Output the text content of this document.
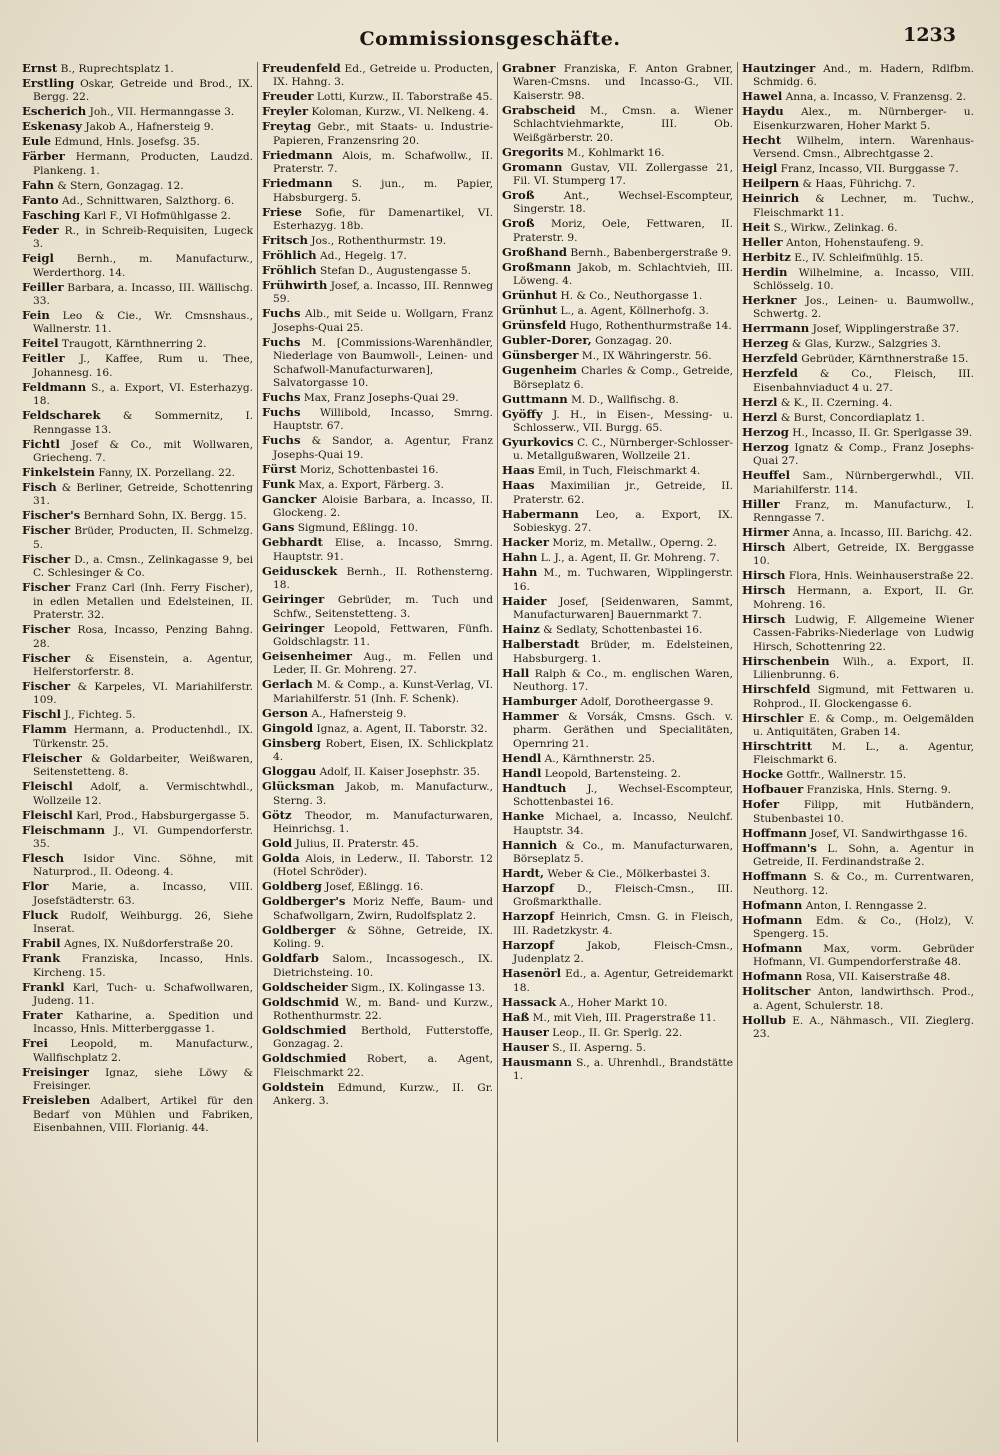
Commissionsgeschäfte.	1233

Ernst B., Ruprechtsplatz 1.

Erstling Oskar, Getreide und Brod., IX. Bergg. 22.

Escherich Joh., VII. Hermanngasse 3.

Eskenasy Jakob A., Hafnersteig 9.

Eule Edmund, Hnls. Josefsg. 35.

Färber Hermann, Producten, Laudzd. Plankeng. 1.

Fahn & Stern, Gonzagag. 12.

Fanto Ad., Schnittwaren, Salzthorg. 6.

Fasching Karl F., VI Hofmühlgasse 2.

Feder R., in Schreib-Requisiten, Lugeck 3.

Feigl Bernh., m. Manufacturw., Werderthorg. 14.

Feiller Barbara, a. Incasso, III. Wällischg. 33.

Fein Leo & Cie., Wr. Cmsnshaus., Wallnerstr. 11.

Feitel Traugott, Kärnthnerring 2.

Feitler J., Kaffee, Rum u. Thee, Johannesg. 16.

Feldmann S., a. Export, VI. Esterhazyg. 18.

Feldscharek & Sommernitz, I. Renngasse 13.

Fichtl Josef & Co., mit Wollwaren, Griecheng. 7.

Finkelstein Fanny, IX. Porzellang. 22.

Fisch & Berliner, Getreide, Schottenring 31.

Fischer's Bernhard Sohn, IX. Bergg. 15.

Fischer Brüder, Producten, II. Schmelzg. 5.

Fischer D., a. Cmsn., Zelinkagasse 9, bei C. Schlesinger & Co.

Fischer Franz Carl (Inh. Ferry Fischer), in edlen Metallen und Edelsteinen, II. Praterstr. 32.

Fischer Rosa, Incasso, Penzing Bahng. 28.

Fischer & Eisenstein, a. Agentur, Helferstorferstr. 8.

Fischer & Karpeles, VI. Mariahilferstr. 109.

Fischl J., Fichteg. 5.

Flamm Hermann, a. Productenhdl., IX. Türkenstr. 25.

Fleischer & Goldarbeiter, Weißwaren, Seitenstetteng. 8.

Fleischl Adolf, a. Vermischtwhdl., Wollzeile 12.

Fleischl Karl, Prod., Habsburgergasse 5.

Fleischmann J., VI. Gumpendorferstr. 35.

Flesch Isidor Vinc. Söhne, mit Naturprod., II. Odeong. 4.

Flor Marie, a. Incasso, VIII. Josefstädterstr. 63.

Fluck Rudolf, Weihburgg. 26, Siehe Inserat.

Frabil Agnes, IX. Nußdorferstraße 20.

Frank Franziska, Incasso, Hnls. Kircheng. 15.

Frankl Karl, Tuch- u. Schafwollwaren, Judeng. 11.

Frater Katharine, a. Spedition und Incasso, Hnls. Mitterberggasse 1.

Frei Leopold, m. Manufacturw., Wallfischplatz 2.

Freisinger Ignaz, siehe Löwy & Freisinger.

Freisleben Adalbert, Artikel für den Bedarf von Mühlen und Fabriken, Eisenbahnen, VIII. Florianig. 44.

Freudenfeld Ed., Getreide u. Producten, IX. Hahng. 3.

Freuder Lotti, Kurzw., II. Taborstraße 45.

Freyler Koloman, Kurzw., VI. Nelkeng. 4.

Freytag Gebr., mit Staats- u. Industrie-Papieren, Franzensring 20.

Friedmann Alois, m. Schafwollw., II. Praterstr. 7.

Friedmann S. jun., m. Papier, Habsburgerg. 5.

Friese Sofie, für Damenartikel, VI. Esterhazyg. 18b.

Fritsch Jos., Rothenthurmstr. 19.

Fröhlich Ad., Hegelg. 17.

Fröhlich Stefan D., Augustengasse 5.

Frühwirth Josef, a. Incasso, III. Rennweg 59.

Fuchs Alb., mit Seide u. Wollgarn, Franz Josephs-Quai 25.

Fuchs M. [Commissions-Warenhändler, Niederlage von Baumwoll-, Leinen- und Schafwoll-Manufacturwaren], Salvatorgasse 10.

Fuchs Max, Franz Josephs-Quai 29.

Fuchs Willibold, Incasso, Smrng. Hauptstr. 67.

Fuchs & Sandor, a. Agentur, Franz Josephs-Quai 19.

Fürst Moriz, Schottenbastei 16.

Funk Max, a. Export, Färberg. 3.

Gancker Aloisie Barbara, a. Incasso, II. Glockeng. 2.

Gans Sigmund, Eßlingg. 10.

Gebhardt Elise, a. Incasso, Smrng. Hauptstr. 91.

Geidusckek Bernh., II. Rothensterng. 18.

Geiringer Gebrüder, m. Tuch und Schfw., Seitenstetteng. 3.

Geiringer Leopold, Fettwaren, Fünfh. Goldschlagstr. 11.

Geisenheimer Aug., m. Fellen und Leder, II. Gr. Mohreng. 27.

Gerlach M. & Comp., a. Kunst-Verlag, VI. Mariahilferstr. 51 (Inh. F. Schenk).

Gerson A., Hafnersteig 9.

Gingold Ignaz, a. Agent, II. Taborstr. 32.

Ginsberg Robert, Eisen, IX. Schlickplatz 4.

Gloggau Adolf, II. Kaiser Josephstr. 35.

Glücksman Jakob, m. Manufacturw., Sterng. 3.

Götz Theodor, m. Manufacturwaren, Heinrichsg. 1.

Gold Julius, II. Praterstr. 45.

Golda Alois, in Lederw., II. Taborstr. 12 (Hotel Schröder).

Goldberg Josef, Eßlingg. 16.

Goldberger's Moriz Neffe, Baum- und Schafwollgarn, Zwirn, Rudolfsplatz 2.

Goldberger & Söhne, Getreide, IX. Koling. 9.

Goldfarb Salom., Incassogesch., IX. Dietrichsteing. 10.

Goldscheider Sigm., IX. Kolingasse 13.

Goldschmid W., m. Band- und Kurzw., Rothenthurmstr. 22.

Goldschmied Berthold, Futterstoffe, Gonzagag. 2.

Goldschmied Robert, a. Agent, Fleischmarkt 22.

Goldstein Edmund, Kurzw., II. Gr. Ankerg. 3.

Grabner Franziska, F. Anton Grabner, Waren-Cmsns. und Incasso-G., VII. Kaiserstr. 98.

Grabscheid M., Cmsn. a. Wiener Schlachtviehmarkte, III. Ob. Weißgärberstr. 20.

Gregorits M., Kohlmarkt 16.

Gromann Gustav, VII. Zollergasse 21, Fil. VI. Stumperg 17.

Groß	Ant., Wechsel-Escompteur, Singerstr. 18.

Groß Moriz, Oele, Fettwaren, II. Praterstr. 9.

Großhand Bernh., Babenbergerstraße 9.

Großmann Jakob, m. Schlachtvieh, III. Löweng. 4.

Grünhut H. & Co., Neuthorgasse 1.

Grünhut L., a. Agent, Köllnerhofg. 3.

Grünsfeld Hugo, Rothenthurmstraße 14.

Gubler-Dorer, Gonzagag. 20.

Günsberger M., IX Währingerstr. 56.

Gugenheim Charles & Comp., Getreide, Börseplatz 6.

Guttmann M. D., Wallfischg. 8.

Gyöffy J. H., in Eisen-, Messing- u. Schlosserw., VII. Burgg. 65.

Gyurkovics C. C., Nürnberger-Schlosser- u. Metallgußwaren, Wollzeile 21.

Haas Emil, in Tuch, Fleischmarkt 4.

Haas Maximilian jr., Getreide, II. Praterstr. 62.

Habermann Leo, a. Export, IX. Sobieskyg. 27.

Hacker Moriz, m. Metallw., Operng. 2.

Hahn L. J., a. Agent, II. Gr. Mohreng. 7.

Hahn M., m. Tuchwaren, Wipplingerstr. 16.

Haider Josef, [Seidenwaren, Sammt, Manufacturwaren] Bauernmarkt 7.

Hainz & Sedlaty, Schottenbastei 16.

Halberstadt Brüder, m. Edelsteinen, Habsburgerg. 1.

Hall Ralph & Co., m. englischen Waren, Neuthorg. 17.

Hamburger Adolf, Dorotheergasse 9.

Hammer & Vorsák, Cmsns. Gsch. v. pharm. Geräthen und Specialitäten, Opernring 21.

Hendl A., Kärnthnerstr. 25.

Handl Leopold, Bartensteing. 2.

Handtuch J., Wechsel-Escompteur, Schottenbastei 16.

Hanke Michael, a. Incasso, Neulchf. Hauptstr. 34.

Hannich & Co., m. Manufacturwaren, Börseplatz 5.

Hardt, Weber & Cie., Mölkerbastei 3.

Harzopf D., Fleisch-Cmsn., III. Großmarkthalle.

Harzopf Heinrich, Cmsn. G. in Fleisch, III. Radetzkystr. 4.

Harzopf	Jakob, Fleisch-Cmsn., Judenplatz 2.

Hasenörl Ed., a. Agentur, Getreidemarkt 18.

Hassack A., Hoher Markt 10.

Haß M., mit Vieh, III. Pragerstraße 11.

Hauser Leop., II. Gr. Sperlg. 22.

Hauser S., II. Asperng. 5.

Hausmann S., a. Uhrenhdl., Brandstätte 1.

Hautzinger And., m. Hadern, Rdlfbm. Schmidg. 6.

Hawel Anna, a. Incasso, V. Franzensg. 2.

Haydu Alex., m. Nürnberger- u. Eisenkurzwaren, Hoher Markt 5.

Hecht Wilhelm, intern. Warenhaus-Versend. Cmsn., Albrechtgasse 2.

Heigl Franz, Incasso, VII. Burggasse 7.

Heilpern & Haas, Führichg. 7.

Heinrich & Lechner, m. Tuchw., Fleischmarkt 11.

Heit S., Wirkw., Zelinkag. 6.

Heller Anton, Hohenstaufeng. 9.

Herbitz E., IV. Schleifmühlg. 15.

Herdin Wilhelmine, a. Incasso, VIII. Schlösselg. 10.

Herkner Jos., Leinen- u. Baumwollw., Schwertg. 2.

Herrmann Josef, Wipplingerstraße 37.

Herzeg & Glas, Kurzw., Salzgries 3.

Herzfeld Gebrüder, Kärnthnerstraße 15.

Herzfeld & Co., Fleisch, III. Eisenbahnviaduct 4 u. 27.

Herzl & K., II. Czerning. 4.

Herzl & Burst, Concordiaplatz 1.

Herzog H., Incasso, II. Gr. Sperlgasse 39.

Herzog Ignatz & Comp., Franz Josephs-Quai 27.

Heuffel Sam., Nürnbergerwhdl., VII. Mariahilferstr. 114.

Hiller Franz, m. Manufacturw., I. Renngasse 7.

Hirmer Anna, a. Incasso, III. Barichg. 42.

Hirsch Albert, Getreide, IX. Berggasse 10.

Hirsch Flora, Hnls. Weinhauserstraße 22.

Hirsch Hermann, a. Export, II. Gr. Mohreng. 16.

Hirsch Ludwig, F. Allgemeine Wiener Cassen-Fabriks-Niederlage von Ludwig Hirsch, Schottenring 22.

Hirschenbein Wilh., a. Export, II. Lilienbrunng. 6.

Hirschfeld Sigmund, mit Fettwaren u. Rohprod., II. Glockengasse 6.

Hirschler E. & Comp., m. Oelgemälden u. Antiquitäten, Graben 14.

Hirschtritt M. L., a. Agentur, Fleischmarkt 6.

Hocke Gottfr., Wallnerstr. 15.

Hofbauer Franziska, Hnls. Sterng. 9.

Hofer Filipp, mit Hutbändern, Stubenbastei 10.

Hoffmann Josef, VI. Sandwirthgasse 16.

Hoffmann's L. Sohn, a. Agentur in Getreide, II. Ferdinandstraße 2.

Hoffmann S. & Co., m. Currentwaren, Neuthorg. 12.

Hofmann Anton, I. Renngasse 2.

Hofmann Edm. & Co., (Holz), V. Spengerg. 15.

Hofmann Max, vorm. Gebrüder Hofmann, VI. Gumpendorferstraße 48.

Hofmann Rosa, VII. Kaiserstraße 48.

Holitscher Anton, landwirthsch. Prod., a. Agent, Schulerstr. 18.

Hollub E. A., Nähmasch., VII. Zieglerg. 23.
